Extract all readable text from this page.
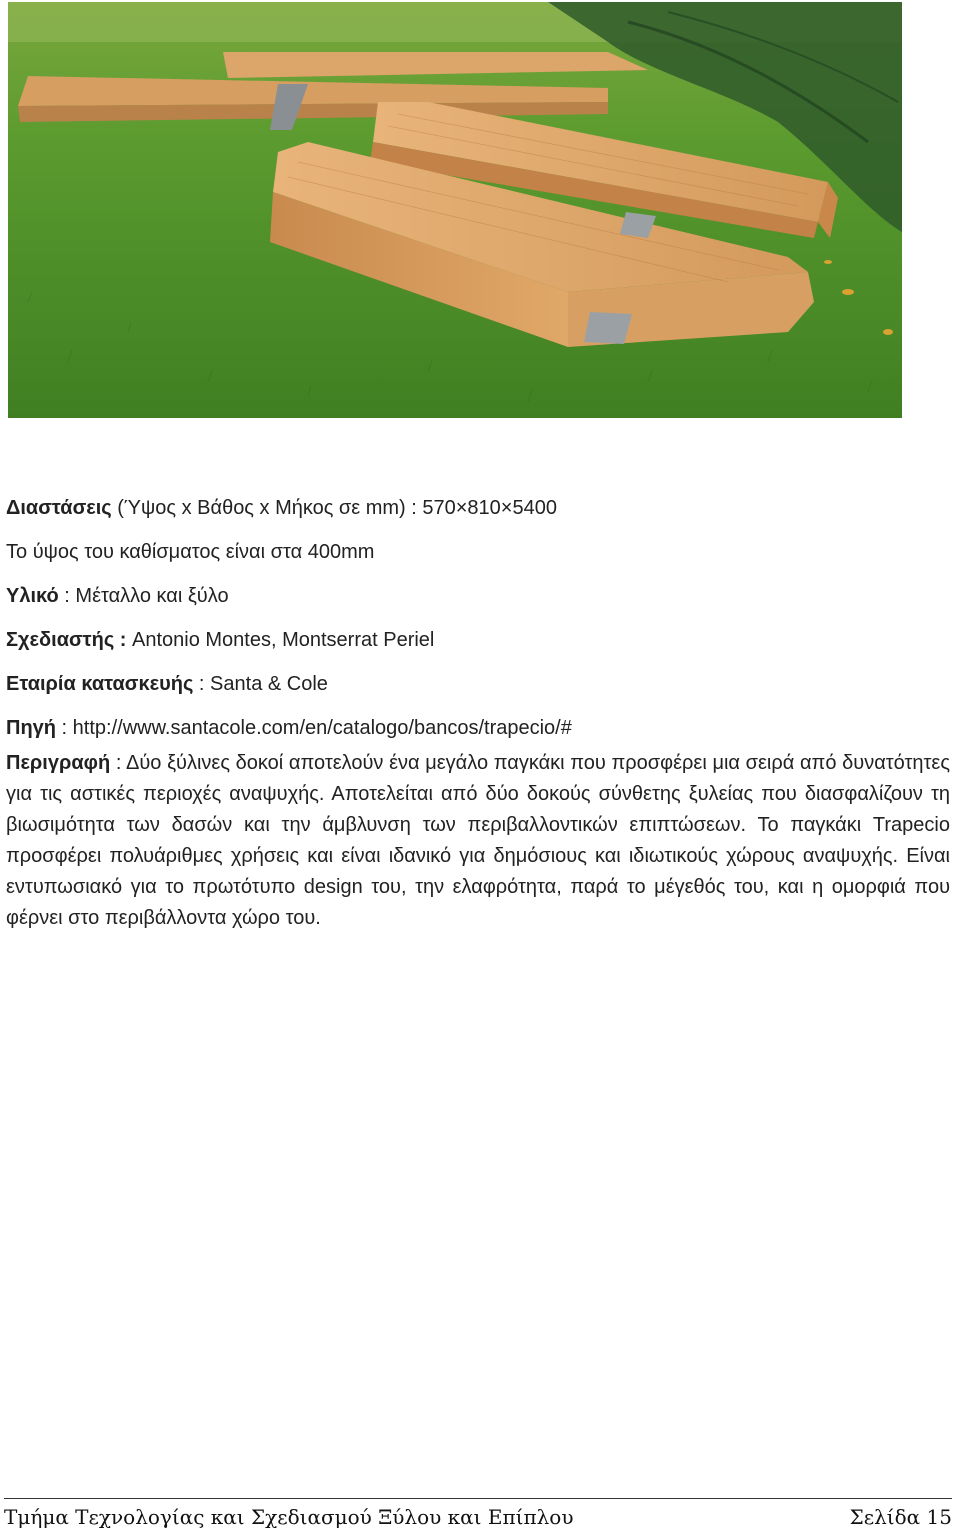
Διαστάσεις (Ύψος x Βάθος x Μήκος σε mm) : 570×810×5400
Το ύψος του καθίσματος είναι στα 400mm
Υλικό : Μέταλλο και ξύλο
Σχεδιαστής : Antonio Montes, Montserrat Periel
Εταιρία κατασκευής : Santa & Cole
Πηγή : http://www.santacole.com/en/catalogo/bancos/trapecio/#
Περιγραφή : Δύο ξύλινες δοκοί αποτελούν ένα μεγάλο παγκάκι που προσφέρει μια σειρά από δυνατότητες για τις αστικές περιοχές αναψυχής. Αποτελείται από δύο δοκούς σύνθετης ξυλείας που διασφαλίζουν τη βιωσιμότητα των δασών και την άμβλυνση των περιβαλλοντικών επιπτώσεων. Το παγκάκι Trapecio προσφέρει πολυάριθμες χρήσεις και είναι ιδανικό για δημόσιους και ιδιωτικούς χώρους αναψυχής. Είναι εντυπωσιακό για το πρωτότυπο design του, την ελαφρότητα, παρά το μέγεθός του, και η ομορφιά που φέρνει στο περιβάλλοντα χώρο του.
Τμήμα Τεχνολογίας και Σχεδιασμού Ξύλου και Επίπλου	Σελίδα 15
